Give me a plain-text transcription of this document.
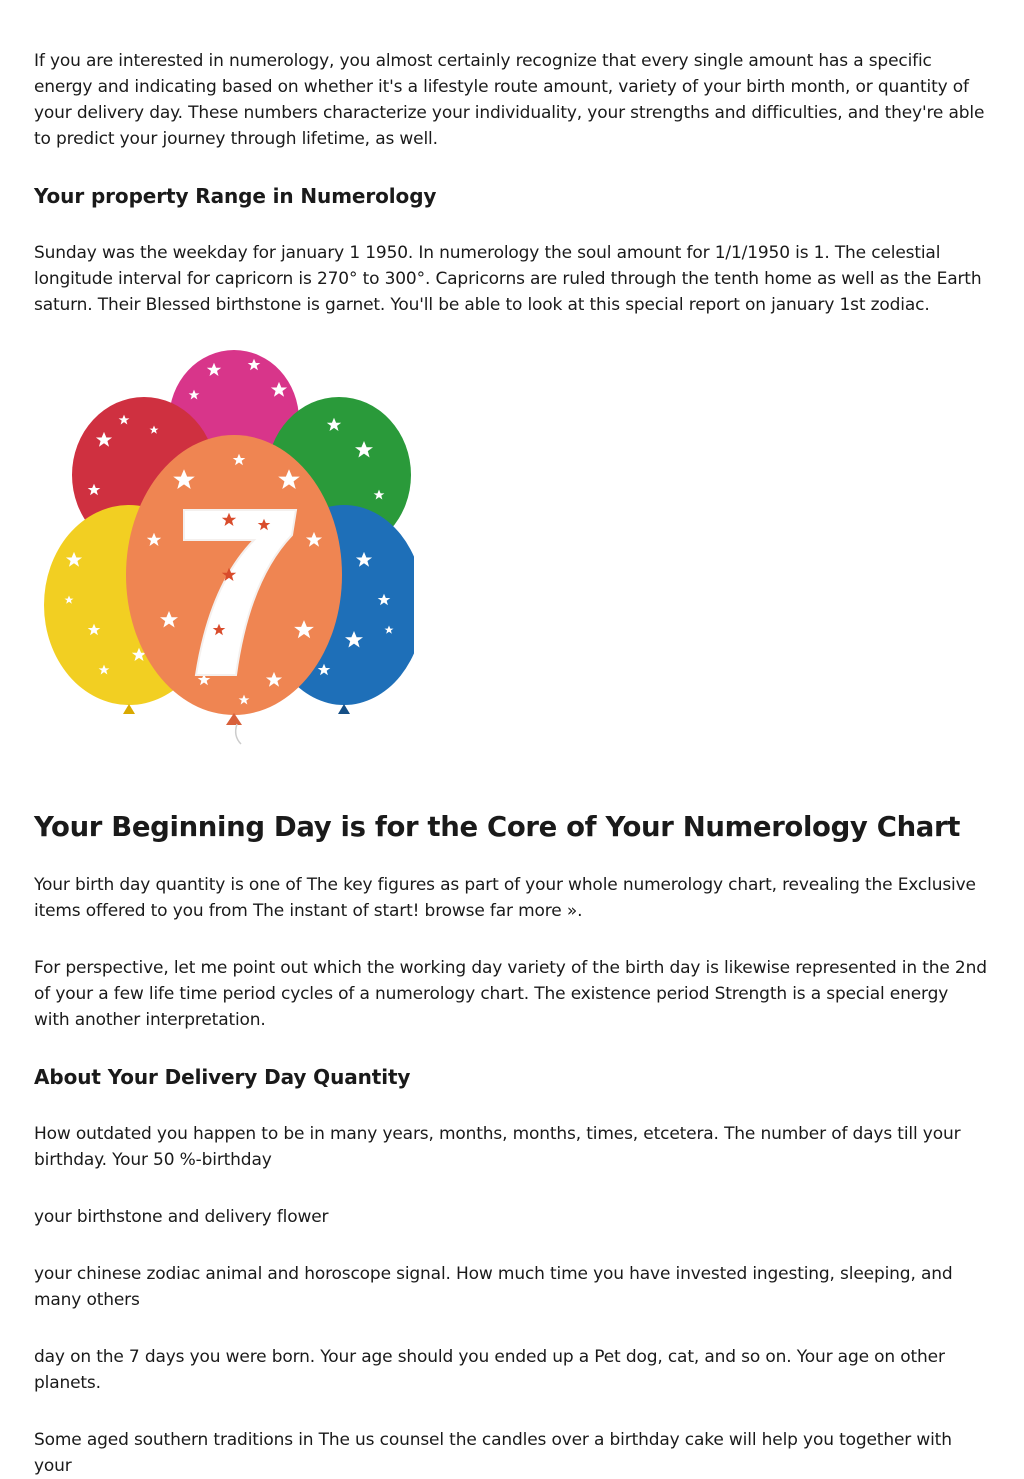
If you are interested in numerology, you almost certainly recognize that every single amount has a specific energy and indicating based on whether it's a lifestyle route amount, variety of your birth month, or quantity of your delivery day. These numbers characterize your individuality, your strengths and difficulties, and they're able to predict your journey through lifetime, as well.

Your property Range in Numerology

Sunday was the weekday for january 1 1950. In numerology the soul amount for 1/1/1950 is 1. The celestial longitude interval for capricorn is 270° to 300°. Capricorns are ruled through the tenth home as well as the Earth saturn. Their Blessed birthstone is garnet. You'll be able to look at this special report on january 1st zodiac.

Your Beginning Day is for the Core of Your Numerology Chart

Your birth day quantity is one of The key figures as part of your whole numerology chart, revealing the Exclusive items offered to you from The instant of start! browse far more ».

For perspective, let me point out which the working day variety of the birth day is likewise represented in the 2nd of your a few life time period cycles of a numerology chart. The existence period Strength is a special energy with another interpretation.

About Your Delivery Day Quantity

How outdated you happen to be in many years, months, months, times, etcetera. The number of days till your birthday. Your 50 %-birthday

your birthstone and delivery flower

your chinese zodiac animal and horoscope signal. How much time you have invested ingesting, sleeping, and many others

day on the 7 days you were born. Your age should you ended up a Pet dog, cat, and so on. Your age on other planets.

Some aged southern traditions in The us counsel the candles over a birthday cake will help you together with your
